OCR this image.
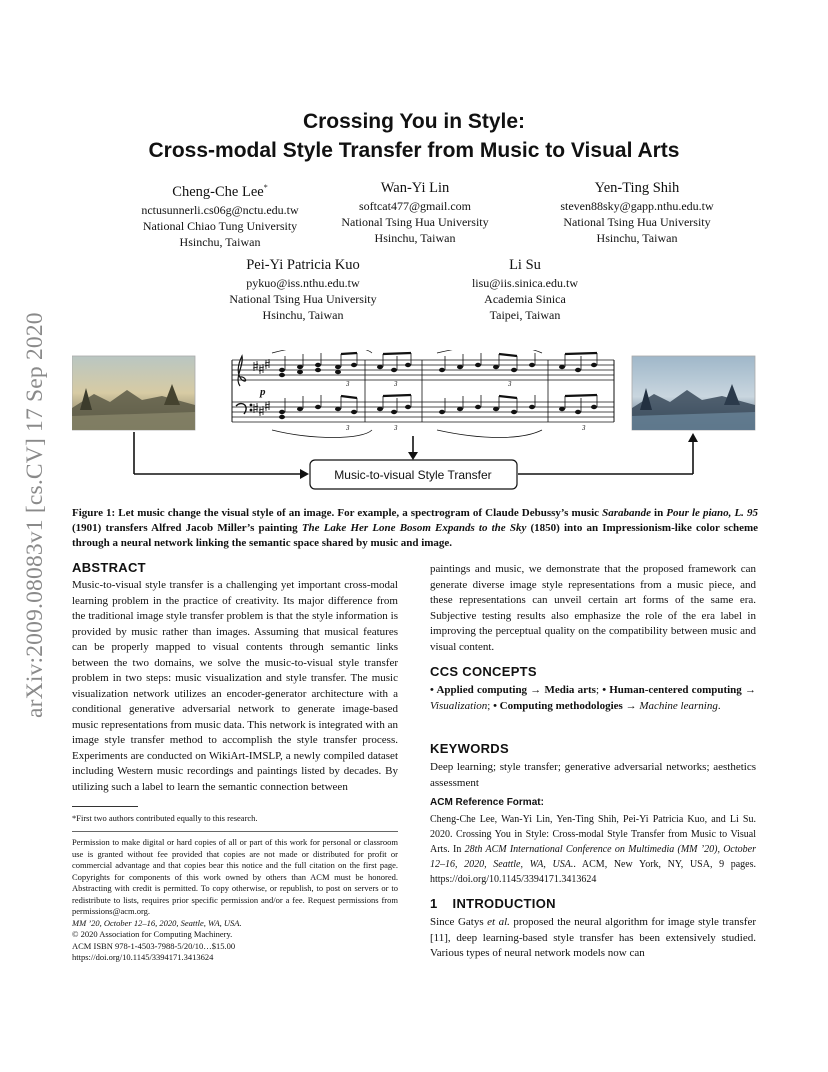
arXiv:2009.08083v1 [cs.CV] 17 Sep 2020
Crossing You in Style:
Cross-modal Style Transfer from Music to Visual Arts
Cheng-Che Lee*
nctusunnerli.cs06g@nctu.edu.tw
National Chiao Tung University
Hsinchu, Taiwan
Wan-Yi Lin
softcat477@gmail.com
National Tsing Hua University
Hsinchu, Taiwan
Yen-Ting Shih
steven88sky@gapp.nthu.edu.tw
National Tsing Hua University
Hsinchu, Taiwan
Pei-Yi Patricia Kuo
pykuo@iss.nthu.edu.tw
National Tsing Hua University
Hsinchu, Taiwan
Li Su
lisu@iis.sinica.edu.tw
Academia Sinica
Taipei, Taiwan
p
3	3	3
3	3	3
Music-to-visual Style Transfer
Figure 1: Let music change the visual style of an image. For example, a spectrogram of Claude Debussy’s music Sarabande in Pour le piano, L. 95 (1901) transfers Alfred Jacob Miller’s painting The Lake Her Lone Bosom Expands to the Sky (1850) into an Impressionism-like color scheme through a neural network linking the semantic space shared by music and image.
ABSTRACT
Music-to-visual style transfer is a challenging yet important cross-modal learning problem in the practice of creativity. Its major difference from the traditional image style transfer problem is that the style information is provided by music rather than images. Assuming that musical features can be properly mapped to visual contents through semantic links between the two domains, we solve the music-to-visual style transfer problem in two steps: music visualization and style transfer. The music visualization network utilizes an encoder-generator architecture with a conditional generative adversarial network to generate image-based music representations from music data. This network is integrated with an image style transfer method to accomplish the style transfer process. Experiments are conducted on WikiArt-IMSLP, a newly compiled dataset including Western music recordings and paintings listed by decades. By utilizing such a label to learn the semantic connection between
*First two authors contributed equally to this research.
Permission to make digital or hard copies of all or part of this work for personal or classroom use is granted without fee provided that copies are not made or distributed for profit or commercial advantage and that copies bear this notice and the full citation on the first page. Copyrights for components of this work owned by others than ACM must be honored. Abstracting with credit is permitted. To copy otherwise, or republish, to post on servers or to redistribute to lists, requires prior specific permission and/or a fee. Request permissions from permissions@acm.org.
MM ’20, October 12–16, 2020, Seattle, WA, USA.
© 2020 Association for Computing Machinery.
ACM ISBN 978-1-4503-7988-5/20/10…$15.00
https://doi.org/10.1145/3394171.3413624
paintings and music, we demonstrate that the proposed framework can generate diverse image style representations from a music piece, and these representations can unveil certain art forms of the same era. Subjective testing results also emphasize the role of the era label in improving the perceptual quality on the compatibility between music and visual content.
CCS CONCEPTS
• Applied computing → Media arts; • Human-centered computing → Visualization; • Computing methodologies → Machine learning.
KEYWORDS
Deep learning; style transfer; generative adversarial networks; aesthetics assessment
ACM Reference Format:
Cheng-Che Lee, Wan-Yi Lin, Yen-Ting Shih, Pei-Yi Patricia Kuo, and Li Su. 2020. Crossing You in Style: Cross-modal Style Transfer from Music to Visual Arts. In 28th ACM International Conference on Multimedia (MM ’20), October 12–16, 2020, Seattle, WA, USA.. ACM, New York, NY, USA, 9 pages. https://doi.org/10.1145/3394171.3413624
1 INTRODUCTION
Since Gatys et al. proposed the neural algorithm for image style transfer [11], deep learning-based style transfer has been extensively studied. Various types of neural network models now can
